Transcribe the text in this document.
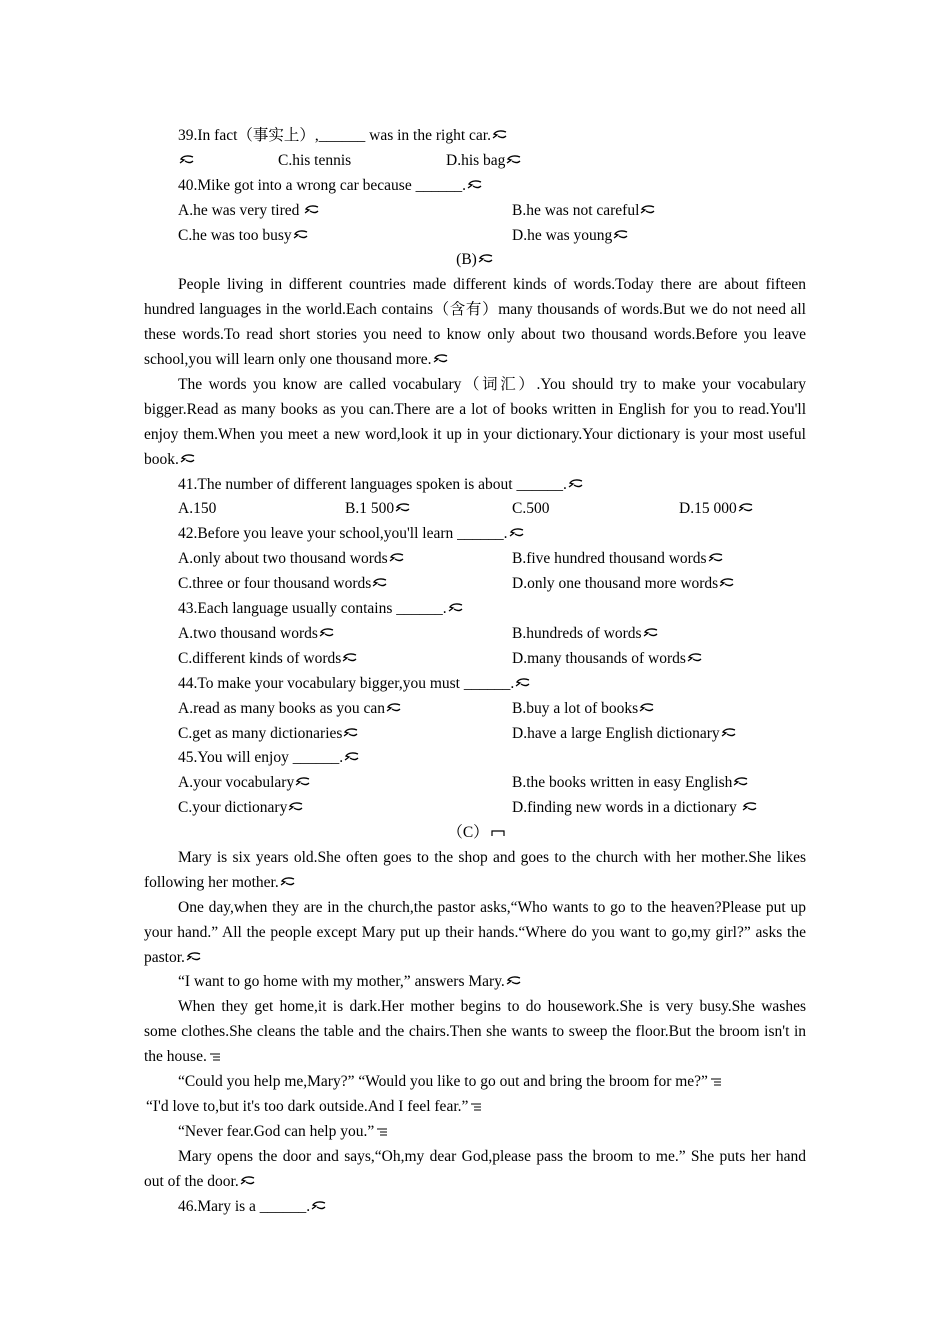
39.In fact（事实上）,______ was in the right car.
C.his tennis	D.his bag
40.Mike got into a wrong car because ______.
A.he was very tired	B.he was not careful
C.he was too busy	D.he was young
(B)
People living in different countries made different kinds of words.Today there are about fifteen hundred languages in the world.Each contains（含有）many thousands of words.But we do not need all these words.To read short stories you need to know only about two thousand words.Before you leave school,you will learn only one thousand more.
The words you know are called vocabulary（词汇）.You should try to make your vocabulary bigger.Read as many books as you can.There are a lot of books written in English for you to read.You'll enjoy them.When you meet a new word,look it up in your dictionary.Your dictionary is your most useful book.
41.The number of different languages spoken is about ______.
A.150	B.1 500	C.500	D.15 000
42.Before you leave your school,you'll learn ______.
A.only about two thousand words	B.five hundred thousand words
C.three or four thousand words	D.only one thousand more words
43.Each language usually contains ______.
A.two thousand words	B.hundreds of words
C.different kinds of words	D.many thousands of words
44.To make your vocabulary bigger,you must ______.
A.read as many books as you can	B.buy a lot of books
C.get as many dictionaries	D.have a large English dictionary
45.You will enjoy ______.
A.your vocabulary	B.the books written in easy English
C.your dictionary	D.finding new words in a dictionary
（C）
Mary is six years old.She often goes to the shop and goes to the church with her mother.She likes following her mother.
One day,when they are in the church,the pastor asks,“Who wants to go to the heaven?Please put up your hand.” All the people except Mary put up their hands.“Where do you want to go,my girl?” asks the pastor.
“I want to go home with my mother,” answers Mary.
When they get home,it is dark.Her mother begins to do housework.She is very busy.She washes some clothes.She cleans the table and the chairs.Then she wants to sweep the floor.But the broom isn't in the house.
“Could you help me,Mary?” “Would you like to go out and bring the broom for me?”
“I'd love to,but it's too dark outside.And I feel fear.”
“Never fear.God can help you.”
Mary opens the door and says,“Oh,my dear God,please pass the broom to me.” She puts her hand out of the door.
46.Mary is a ______.
